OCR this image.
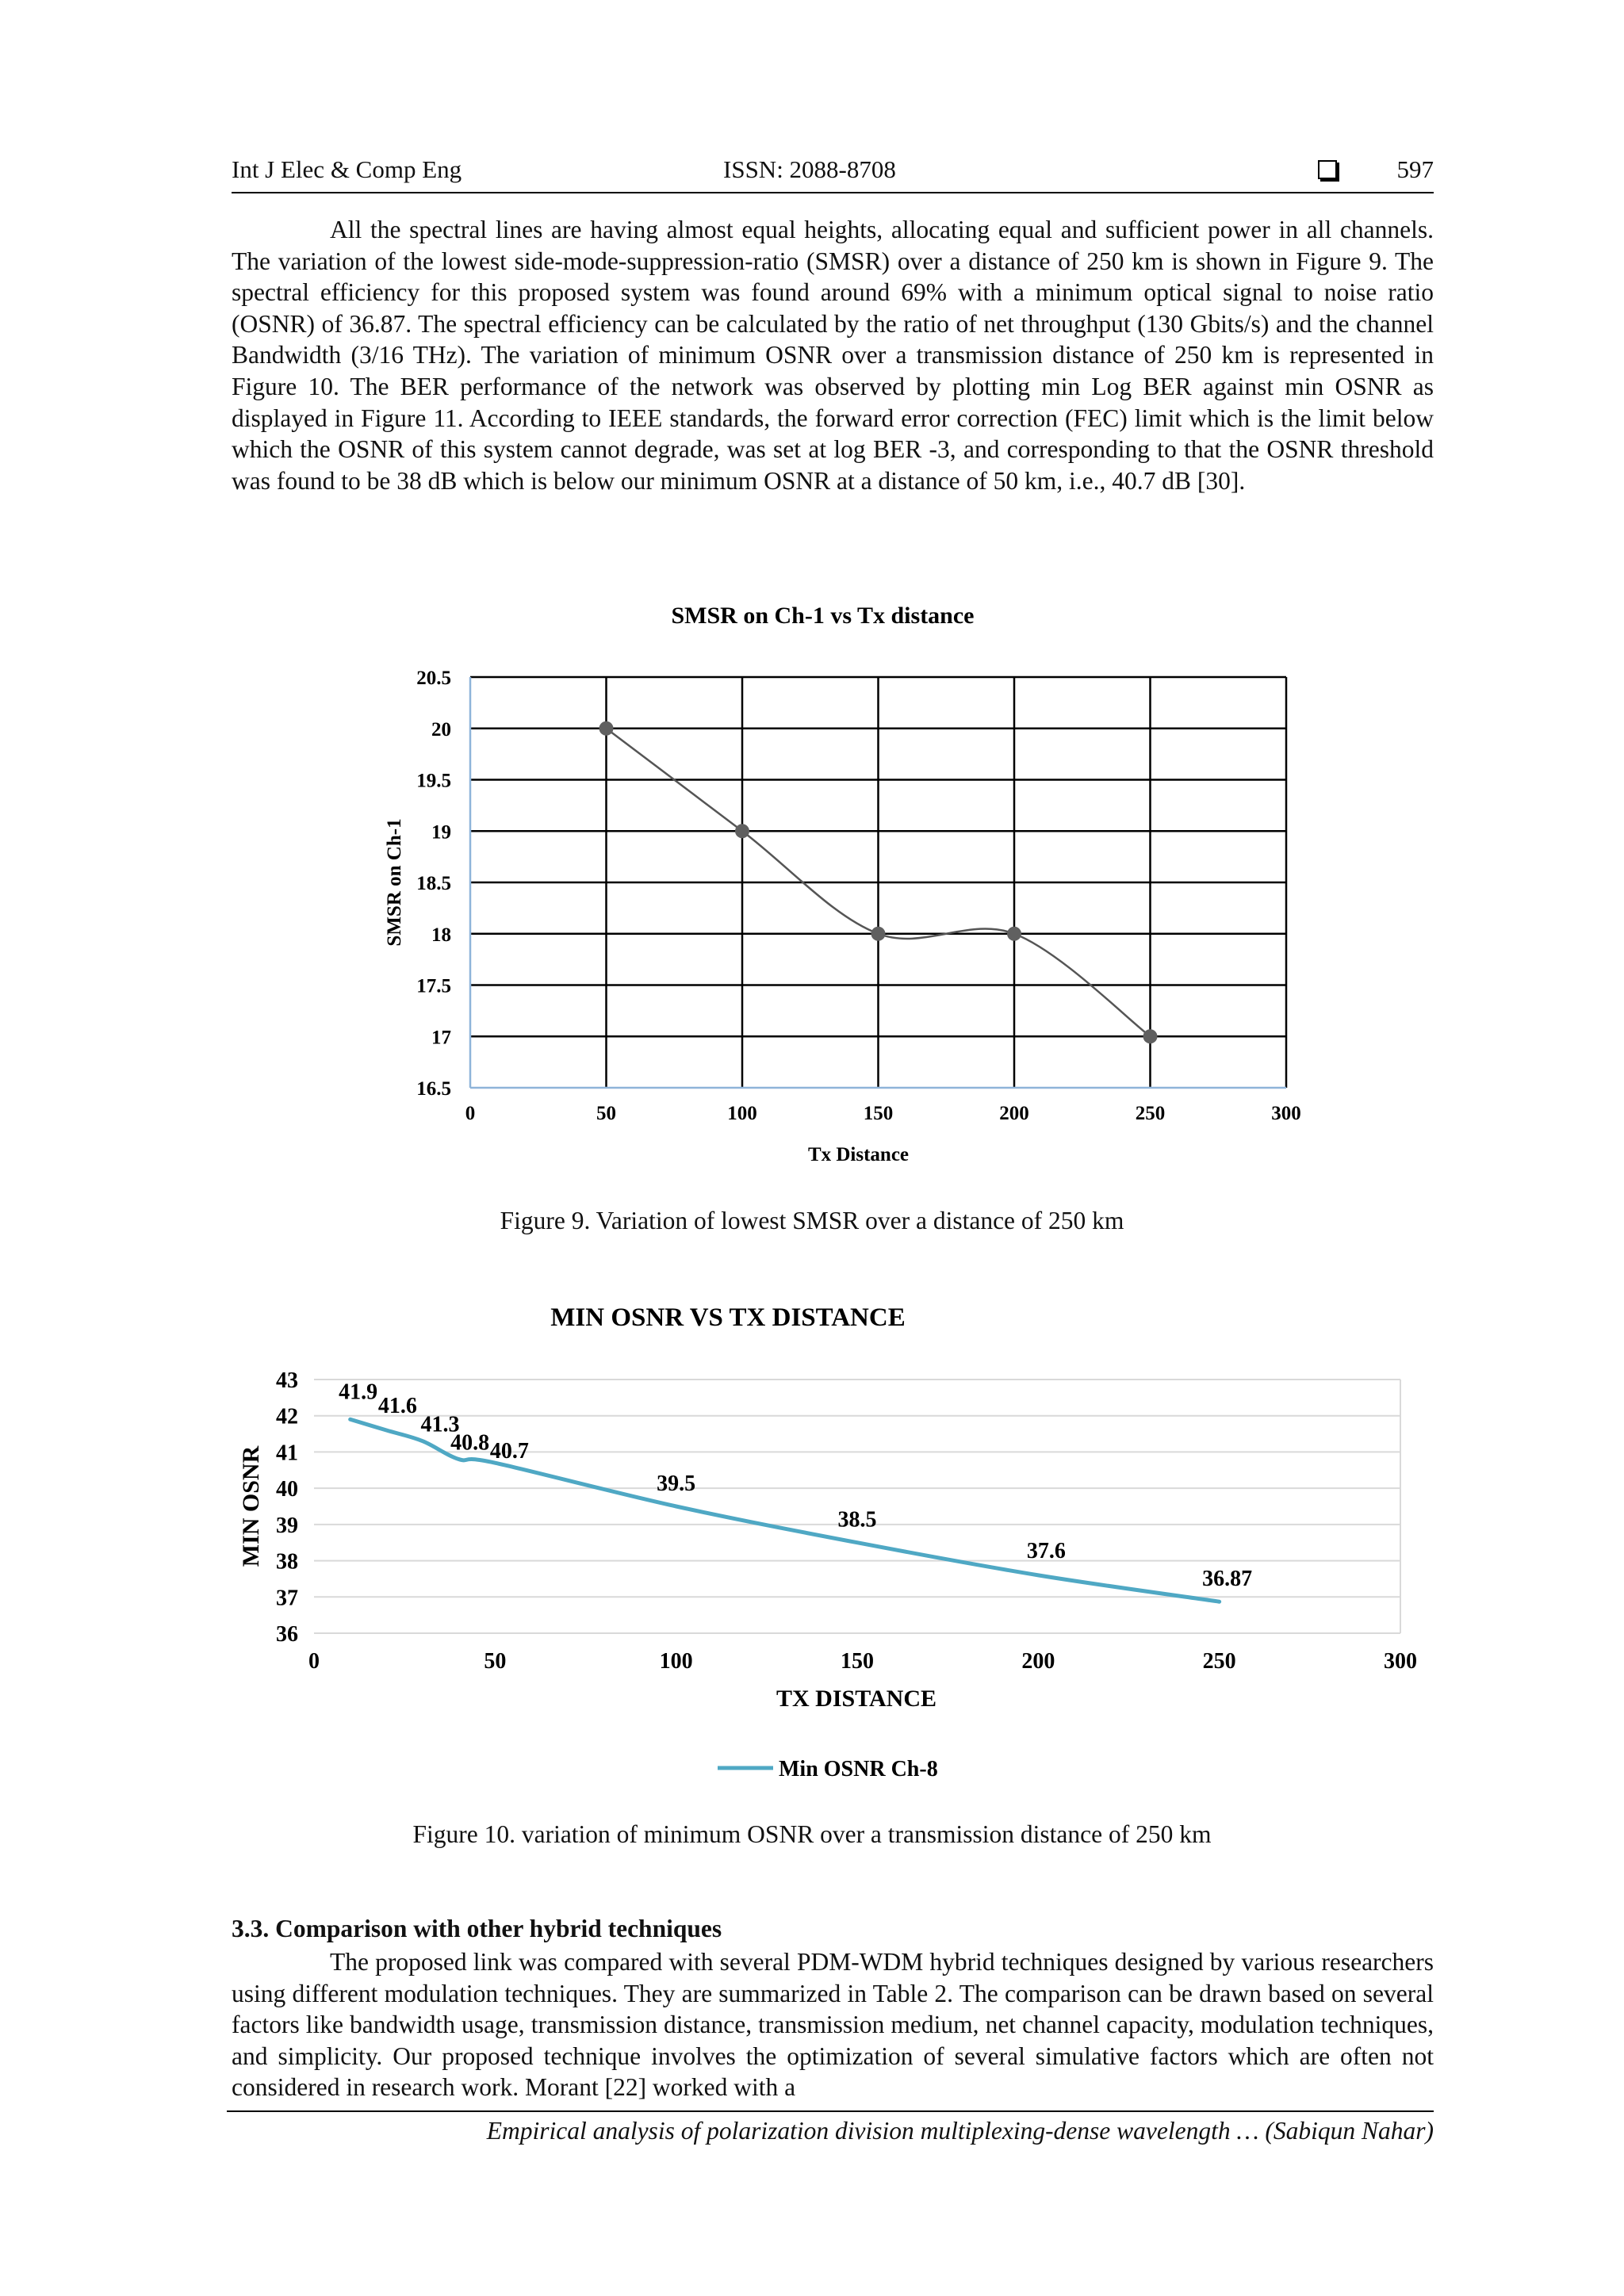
Int J Elec & Comp Eng	ISSN: 2088-8708	597

All the spectral lines are having almost equal heights, allocating equal and sufficient power in all channels. The variation of the lowest side-mode-suppression-ratio (SMSR) over a distance of 250 km is shown in Figure 9. The spectral efficiency for this proposed system was found around 69% with a minimum optical signal to noise ratio (OSNR) of 36.87. The spectral efficiency can be calculated by the ratio of net throughput (130 Gbits/s) and the channel Bandwidth (3/16 THz). The variation of minimum OSNR over a transmission distance of 250 km is represented in Figure 10. The BER performance of the network was observed by plotting min Log BER against min OSNR as displayed in Figure 11. According to IEEE standards, the forward error correction (FEC) limit which is the limit below which the OSNR of this system cannot degrade, was set at log BER -3, and corresponding to that the OSNR threshold was found to be 38 dB which is below our minimum OSNR at a distance of 50 km, i.e., 40.7 dB [30].

SMSR on Ch-1 vs Tx distance
16.5
17
17.5
18
18.5
19
19.5
20
20.5
0	50	100	150	200	250	300
Tx Distance
SMSR on Ch-1
Figure 9. Variation of lowest SMSR over a distance of 250 km
MIN OSNR VS TX DISTANCE
36
37
38
39
40
41
42
43
0	50	100	150	200	250	300
TX DISTANCE
MIN OSNR
41.9
41.6
41.3
40.8 40.7
39.5
38.5
37.6
36.87
Min OSNR Ch-8
Figure 10. variation of minimum OSNR over a transmission distance of 250 km
3.3. Comparison with other hybrid techniques

The proposed link was compared with several PDM-WDM hybrid techniques designed by various researchers using different modulation techniques. They are summarized in Table 2. The comparison can be drawn based on several factors like bandwidth usage, transmission distance, transmission medium, net channel capacity, modulation techniques, and simplicity. Our proposed technique involves the optimization of several simulative factors which are often not considered in research work. Morant [22] worked with a

Empirical analysis of polarization division multiplexing-dense wavelength … (Sabiqun Nahar)
